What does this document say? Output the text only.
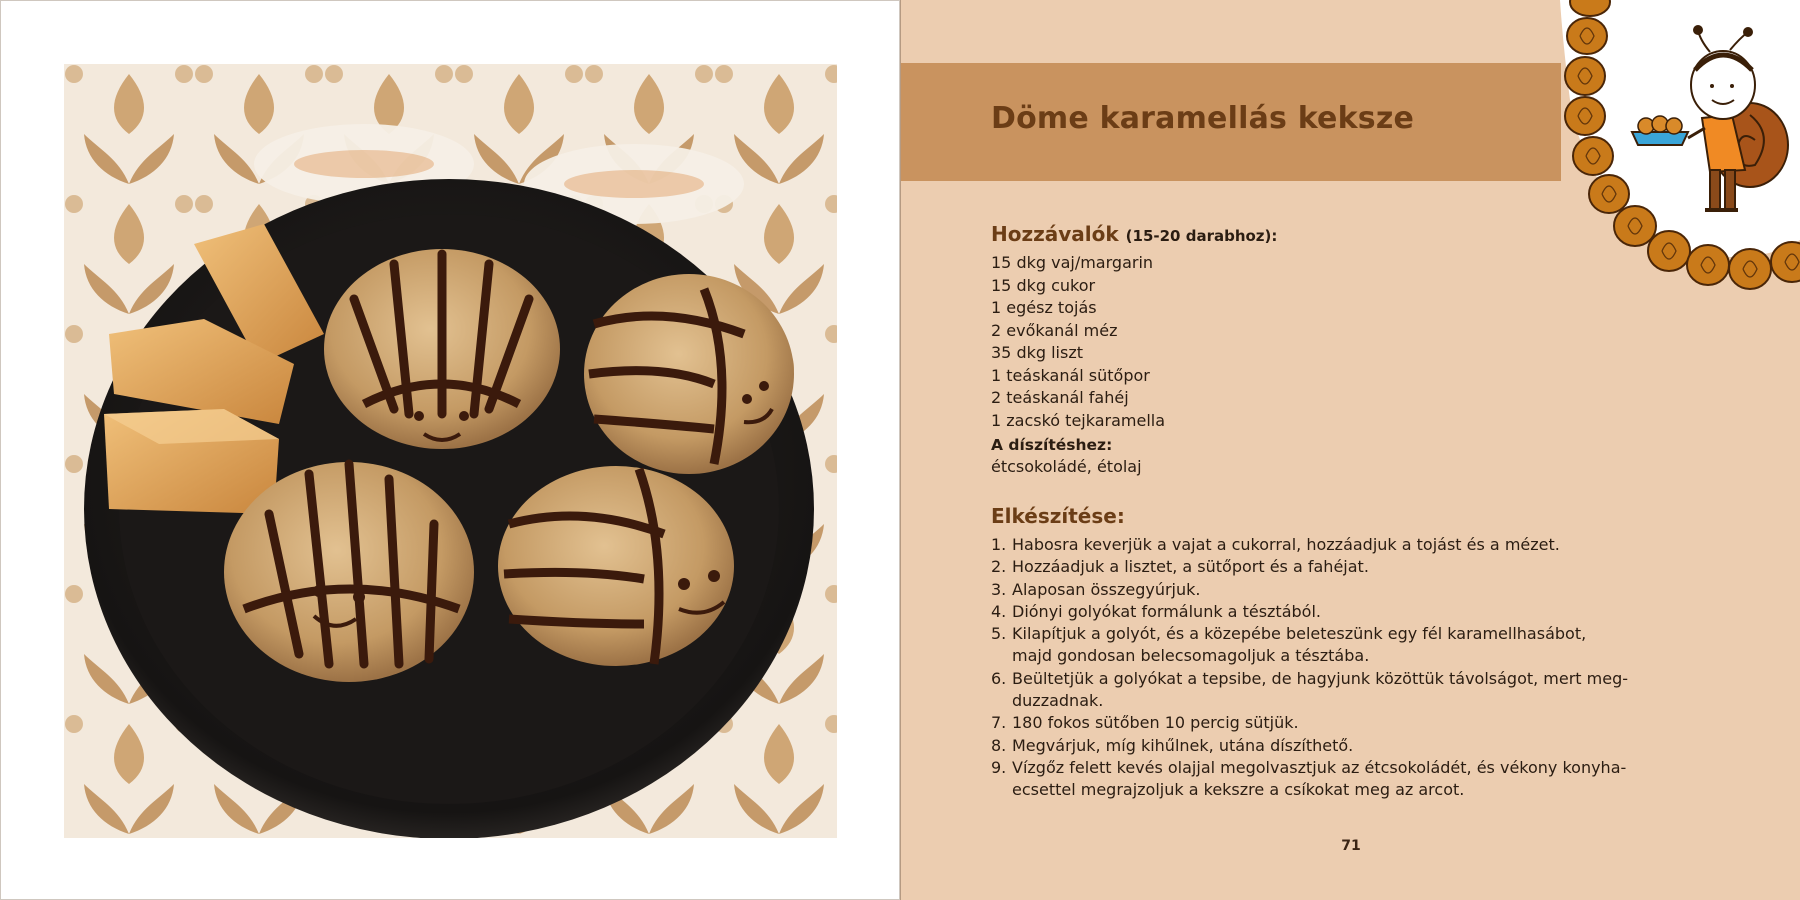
Döme karamellás keksze
Hozzávalók (15-20 darabhoz):
15 dkg vaj/margarin
15 dkg cukor
1 egész tojás
2 evőkanál méz
35 dkg liszt
1 teáskanál sütőpor
2 teáskanál fahéj
1 zacskó tejkaramella
A díszítéshez:
étcsokoládé, étolaj
Elkészítése:
1. Habosra keverjük a vajat a cukorral, hozzáadjuk a tojást és a mézet.
2. Hozzáadjuk a lisztet, a sütőport és a fahéjat.
3. Alaposan összegyúrjuk.
4. Diónyi golyókat formálunk a tésztából.
5. Kilapítjuk a golyót, és a közepébe beleteszünk egy fél karamellhasábot,
majd gondosan belecsomagoljuk a tésztába.
6. Beültetjük a golyókat a tepsibe, de hagyjunk közöttük távolságot, mert meg-
duzzadnak.
7. 180 fokos sütőben 10 percig sütjük.
8. Megvárjuk, míg kihűlnek, utána díszíthető.
9. Vízgőz felett kevés olajjal megolvasztjuk az étcsokoládét, és vékony konyha-
ecsettel megrajzoljuk a kekszre a csíkokat meg az arcot.
71
